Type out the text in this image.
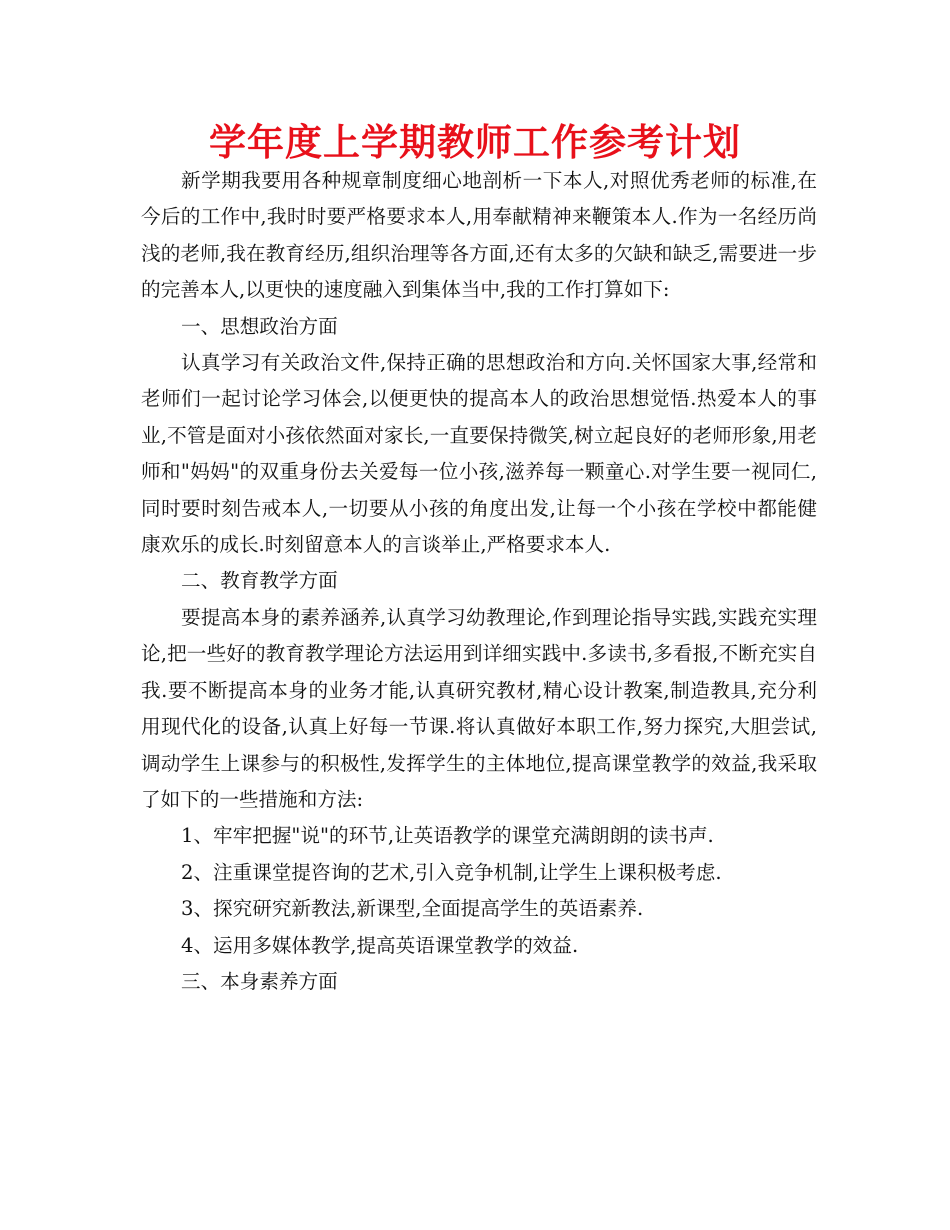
学年度上学期教师工作参考计划

新学期我要用各种规章制度细心地剖析一下本人,对照优秀老师的标准,在今后的工作中,我时时要严格要求本人,用奉献精神来鞭策本人.作为一名经历尚浅的老师,我在教育经历,组织治理等各方面,还有太多的欠缺和缺乏,需要进一步的完善本人,以更快的速度融入到集体当中,我的工作打算如下:

一、思想政治方面

认真学习有关政治文件,保持正确的思想政治和方向.关怀国家大事,经常和老师们一起讨论学习体会,以便更快的提高本人的政治思想觉悟.热爱本人的事业,不管是面对小孩依然面对家长,一直要保持微笑,树立起良好的老师形象,用老师和"妈妈"的双重身份去关爱每一位小孩,滋养每一颗童心.对学生要一视同仁,同时要时刻告戒本人,一切要从小孩的角度出发,让每一个小孩在学校中都能健康欢乐的成长.时刻留意本人的言谈举止,严格要求本人.

二、教育教学方面

要提高本身的素养涵养,认真学习幼教理论,作到理论指导实践,实践充实理论,把一些好的教育教学理论方法运用到详细实践中.多读书,多看报,不断充实自我.要不断提高本身的业务才能,认真研究教材,精心设计教案,制造教具,充分利用现代化的设备,认真上好每一节课.将认真做好本职工作,努力探究,大胆尝试,调动学生上课参与的积极性,发挥学生的主体地位,提高课堂教学的效益,我采取了如下的一些措施和方法:

1、牢牢把握"说"的环节,让英语教学的课堂充满朗朗的读书声.

2、注重课堂提咨询的艺术,引入竞争机制,让学生上课积极考虑.

3、探究研究新教法,新课型,全面提高学生的英语素养.

4、运用多媒体教学,提高英语课堂教学的效益.

三、本身素养方面
